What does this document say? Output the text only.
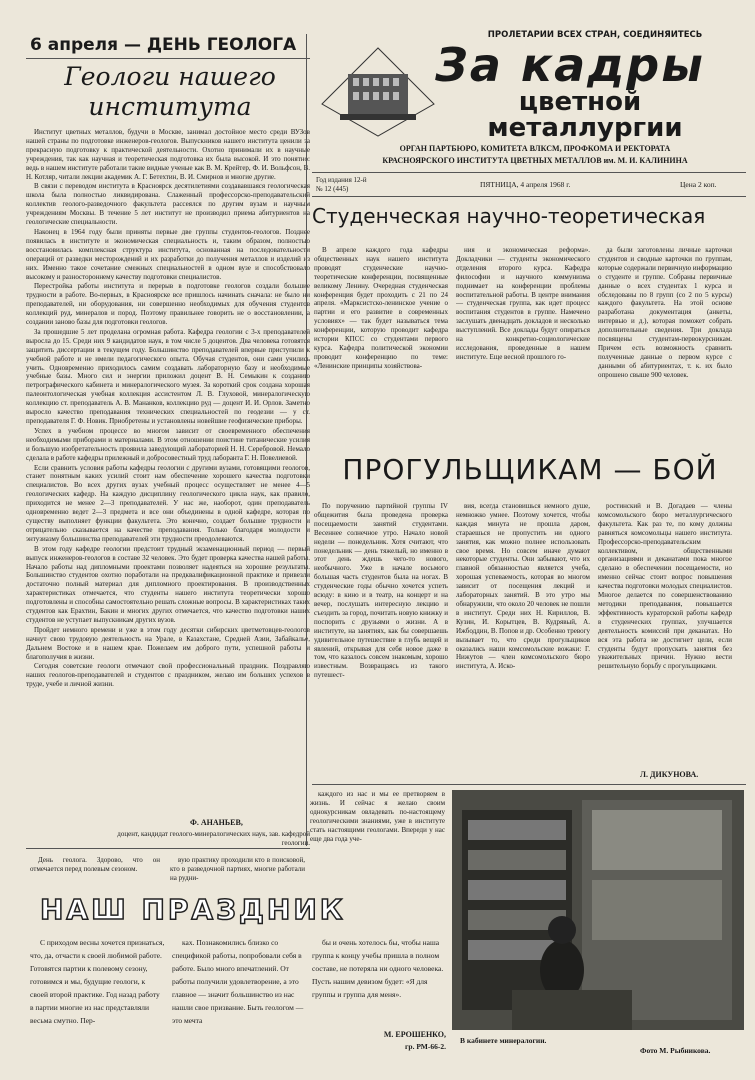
6 апреля — ДЕНЬ ГЕОЛОГА
Геологи нашего института

Институт цветных металлов, будучи в Москве, занимал достойное место среди ВУЗов нашей страны по подготовке инженеров-геологов. Выпускников нашего института ценили за прекрасную подготовку к практической деятельности. Охотно принимали их в научные учреждения, так как научная и теоретическая подготовка их была высокой. И это понятно: ведь в нашем институте работали такие видные ученые как В. М. Крейтер, Ф. И. Вольфсон, В. Н. Котляр, читали лекции академик А. Г. Бетехтин, В. И. Смирнов и многие другие.

В связи с переводом института в Красноярск десятилетиями создававшаяся геологическая школа была полностью ликвидирована. Слаженный профессорско-преподавательский коллектив геолого-разведочного факультета рассеялся по другим вузам и научным учреждениям Москвы. В течение 5 лет институт не производил приема абитуриентов на геологические специальности.

Наконец в 1964 году были приняты первые две группы студентов-геологов. Позднее появилась в институте и экономическая специальность и, таким образом, полностью восстановилась комплексная структура института, основанная на последовательности операций от разведки месторождений и их разработки до получения металлов и изделий из них. Именно такое сочетание смежных специальностей в одном вузе и способствовало высокому и разностороннему качеству подготовки специалистов.

Перестройка работы института и перерыв в подготовке геологов создали большие трудности в работе. Во-первых, в Красноярске все пришлось начинать сначала: не было ни преподавателей, ни оборудования, ни совершенно необходимых для обучения студентов коллекций руд, минералов и пород. Поэтому правильнее говорить не о восстановлении, а создании заново базы для подготовки геологов.

За прошедшие 5 лет проделана огромная работа. Кафедра геологии с 3-х преподавателей выросла до 15. Среди них 9 кандидатов наук, в том числе 5 доцентов. Два человека готовятся защитить диссертации в текущем году. Большинство преподавателей впервые приступили к учебной работе и не имели педагогического опыта. Обучая студентов, они сами учились учить. Одновременно приходилось самим создавать лабораторную базу и необходимые учебные базы. Много сил и энергии приложил доцент В. Н. Семыкин к созданию петрографического кабинета и минералогического музея. За короткий срок создана хорошая палеонтологическая учебная коллекция ассистентом Л. В. Глуховой, минералогическую коллекцию ст. преподаватель А. В. Мананков, коллекцию руд — доцент И. И. Орлов. Заметно выросло качество преподавания технических специальностей по геодезии — у ст. преподавателя Г. Ф. Новик. Приобретены и установлены новейшие геофизические приборы.

Успех в учебном процессе во многом зависит от своевременного обеспечения необходимыми приборами и материалами. В этом отношении поистине титанические усилия и большую изобретательность проявила заведующий лабораторией Н. Н. Серебровой. Немало сделала в работе кафедры прилежный и добросовестный труд лаборанта Г. Н. Повелиевой.

Если сравнить условия работы кафедры геологии с другими вузами, готовящими геологов, станет понятным каких усилий стоит нам обеспечение хорошего качества подготовки специалистов. Во всех других вузах учебный процесс осуществляет не менее 4—5 геологических кафедр. На каждую дисциплину геологического цикла наук, как правило, приходится не менее 2—3 преподавателей. У нас же, наоборот, один преподаватель одновременно ведет 2—3 предмета и все они объединены в одной кафедре, которая по существу выполняет функции факультета. Это конечно, создает большие трудности и отрицательно сказывается на качестве преподавания. Только благодаря молодости и энтузиазму большинства преподавателей эти трудности преодолеваются.

В этом году кафедре геологии предстоит трудный экзаменационный период — первый выпуск инженеров-геологов в составе 32 человек. Это будет проверка качества нашей работы. Начало работы над дипломными проектами позволяет надеяться на хорошие результаты. Большинство студентов охотно поработали на предквалификационной практике и привезли достаточно полный материал для дипломного проектирования. В производственных характеристиках отмечается, что студенты нашего института теоретически хорошо подготовлены и способны самостоятельно решать сложные вопросы. В характеристиках таких студентов как Ерахтин, Бакин и многих других отмечается, что качество подготовки наших студентов не уступает выпускникам других вузов.

Пройдет немного времени и уже в этом году десятки сибирских цветметовцев-геологов начнут свою трудовую деятельность на Урале, в Казахстане, Средней Азии, Забайкалье, Дальнем Востоке и в нашем крае. Пожелаем им доброго пути, успешной работы и благополучия в жизни.

Сегодня советские геологи отмечают свой профессиональный праздник. Поздравляю наших геологов-преподавателей и студентов с праздником, желаю им больших успехов в труде, учебе и личной жизни.

Ф. АНАНЬЕВ,
доцент, кандидат геолого-минералогических наук, зав. кафедрой геологии.
ПРОЛЕТАРИИ ВСЕХ СТРАН, СОЕДИНЯЙТЕСЬ
За кадры
цветной
металлургии
ОРГАН ПАРТБЮРО, КОМИТЕТА ВЛКСМ, ПРОФКОМА И РЕКТОРАТА
КРАСНОЯРСКОГО ИНСТИТУТА ЦВЕТНЫХ МЕТАЛЛОВ им. М. И. КАЛИНИНА
Год издания 12-й
№ 12 (445)	ПЯТНИЦА, 4 апреля 1968 г.	Цена 2 коп.
Студенческая научно-теоретическая

В апреле каждого года кафедры общественных наук нашего института проводят студенческие научно-теоретические конференции, посвященные великому Ленину. Очередная студенческая конференция будет проходить с 21 по 24 апреля. «Марксистско-ленинское учение о партии и его развитие в современных условиях» — так будет называться тема конференции, которую проводит кафедра истории КПСС со студентами первого курса. Кафедра политической экономии проводит конференцию по теме: «Ленинские принципы хозяйствова-

ния и экономическая реформа». Докладчики — студенты экономического отделения второго курса. Кафедра философии и научного коммунизма поднимает на конференции проблемы воспитательной работы. В центре внимания — студенческая группа, как идет процесс воспитания студентов в группе. Намечено заслушать двенадцать докладов и несколько выступлений. Все доклады будут опираться на конкретно-социологические исследования, проведенные в нашем институте. Еще весной прошлого го-

да были заготовлены личные карточки студентов и сводные карточки по группам, которые содержали первичную информацию о студенте и группе. Собраны первичные данные о всех студентах 1 курса и обследованы по 8 групп (со 2 по 5 курсы) каждого факультета. На этой основе разработана документация (анкеты, интервью и д.), которая поможет собрать дополнительные сведения. Три доклада посвящены студентам-первокурсникам. Причем есть возможность сравнить полученные данные о первом курсе с данными об абитуриентах, т. к. их было опрошено свыше 900 человек.

ПРОГУЛЬЩИКАМ — БОЙ

По поручению партийной группы IV общежития была проведена проверка посещаемости занятий студентами. Весеннее солнечное утро. Начало новой недели — понедельник. Хотя считают, что понедельник — день тяжелый, но именно в этот день ждешь чего-то нового, необычного. Уже в начале восьмого большая часть студентов была на ногах. В студенческие годы обычно хочется успеть всюду: в кино и в театр, на концерт и на вечер, послушать интересную лекцию и съездить за город, почитать новую книжку и поспорить с друзьями о жизни. А в институте, на занятиях, как бы совершаешь удивительное путешествие в глубь вещей и явлений, открывая для себя новое даже в том, что казалось совсем знакомым, хорошо известным. Возвращаясь из такого путешест-

вия, всегда становишься немного душе, немножко умнее. Поэтому хочется, чтобы каждая минута не прошла даром, стараешься не пропустить ни одного занятия, как можно полнее использовать свое время. Но совсем иначе думают некоторые студенты. Они забывают, что их главной обязанностью является учеба, хорошая успеваемость, которая во многом зависит от посещения лекций и лабораторных занятий. В это утро мы обнаружили, что около 20 человек не пошли в институт. Среди них Н. Кириллов, В. Кузин, И. Корытцев, В. Кудрявый, А. Ижбоддин, В. Попов и др. Особенно тревогу вызывает то, что среди прогульщиков оказались наши комсомольские вожаки: Г. Нижутов — член комсомольского бюро института, А. Иско-

ростинский и В. Догадаев — члены комсомольского бюро металлургического факультета. Как раз те, по кому должны равняться комсомольцы нашего института. Профессорско-преподавательским коллективом, общественными организациями и деканатами пока многое сделано в обеспечении посещаемости, но именно сейчас стоит вопрос повышения качества подготовки молодых специалистов. Многое делается по совершенствованию методики преподавания, повышается эффективность кураторской работы кафедр в студенческих группах, улучшается деятельность комиссий при деканатах. Но вся эта работа не достигнет цели, если студенты будут пропускать занятия без уважительных причин. Нужно вести решительную борьбу с прогульщиками.

Л. ДИКУНОВА.

каждого из нас и мы ее претворяем в жизнь. И сейчас я желаю своим однокурсникам овладевать по-настоящему геологическими знаниями, уже в институте стать настоящими геологами. Впереди у нас еще два года уче-

В кабинете минералогии.
Фото М. Рыбникова.

День геолога. Здорово, что он отмечается перед полевым сезоном.

вую практику проходили кто в поисковой, кто в разведочной партиях, многие работали на рудни-

НАШ ПРАЗДНИК

С приходом весны хочется признаться, что, да, отчасти к своей любимой работе. Готовятся партии к полевому сезону, готовимся и мы, будущие геологи, к своей второй практике. Год назад работу в партии многие из нас представляли весьма смутно. Пер-

ках. Познакомились близко со спецификой работы, попробовали себя в работе. Было много впечатлений. От работы получили удовлетворение, а это главное — значит большинство из нас нашли свое призвание. Быть геологом — это мечта

бы и очень хотелось бы, чтобы наша группа к концу учебы пришла в полном составе, не потеряла ни одного человека. Пусть нашим девизом будет: «Я для группы и группа для меня».

М. ЕРОШЕНКО,
гр. РМ-66-2.
